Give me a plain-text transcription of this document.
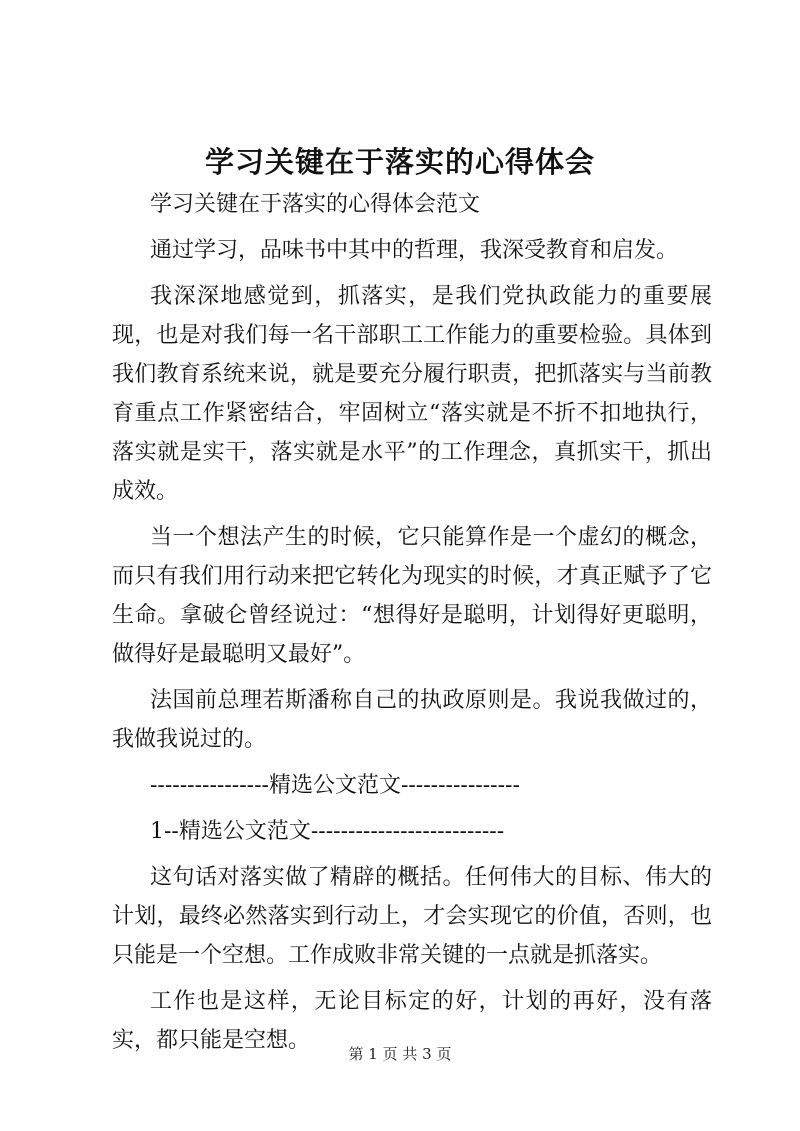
学习关键在于落实的心得体会

学习关键在于落实的心得体会范文

通过学习，品味书中其中的哲理，我深受教育和启发。

我深深地感觉到，抓落实，是我们党执政能力的重要展现，也是对我们每一名干部职工工作能力的重要检验。具体到我们教育系统来说，就是要充分履行职责，把抓落实与当前教育重点工作紧密结合，牢固树立“落实就是不折不扣地执行，落实就是实干，落实就是水平”的工作理念，真抓实干，抓出成效。

当一个想法产生的时候，它只能算作是一个虚幻的概念，而只有我们用行动来把它转化为现实的时候，才真正赋予了它生命。拿破仑曾经说过：“想得好是聪明，计划得好更聪明，做得好是最聪明又最好”。

法国前总理若斯潘称自己的执政原则是。我说我做过的，我做我说过的。

----------------精选公文范文----------------

1--精选公文范文--------------------------

这句话对落实做了精辟的概括。任何伟大的目标、伟大的计划，最终必然落实到行动上，才会实现它的价值，否则，也只能是一个空想。工作成败非常关键的一点就是抓落实。

工作也是这样，无论目标定的好，计划的再好，没有落实，都只能是空想。

第 1 页 共 3 页
